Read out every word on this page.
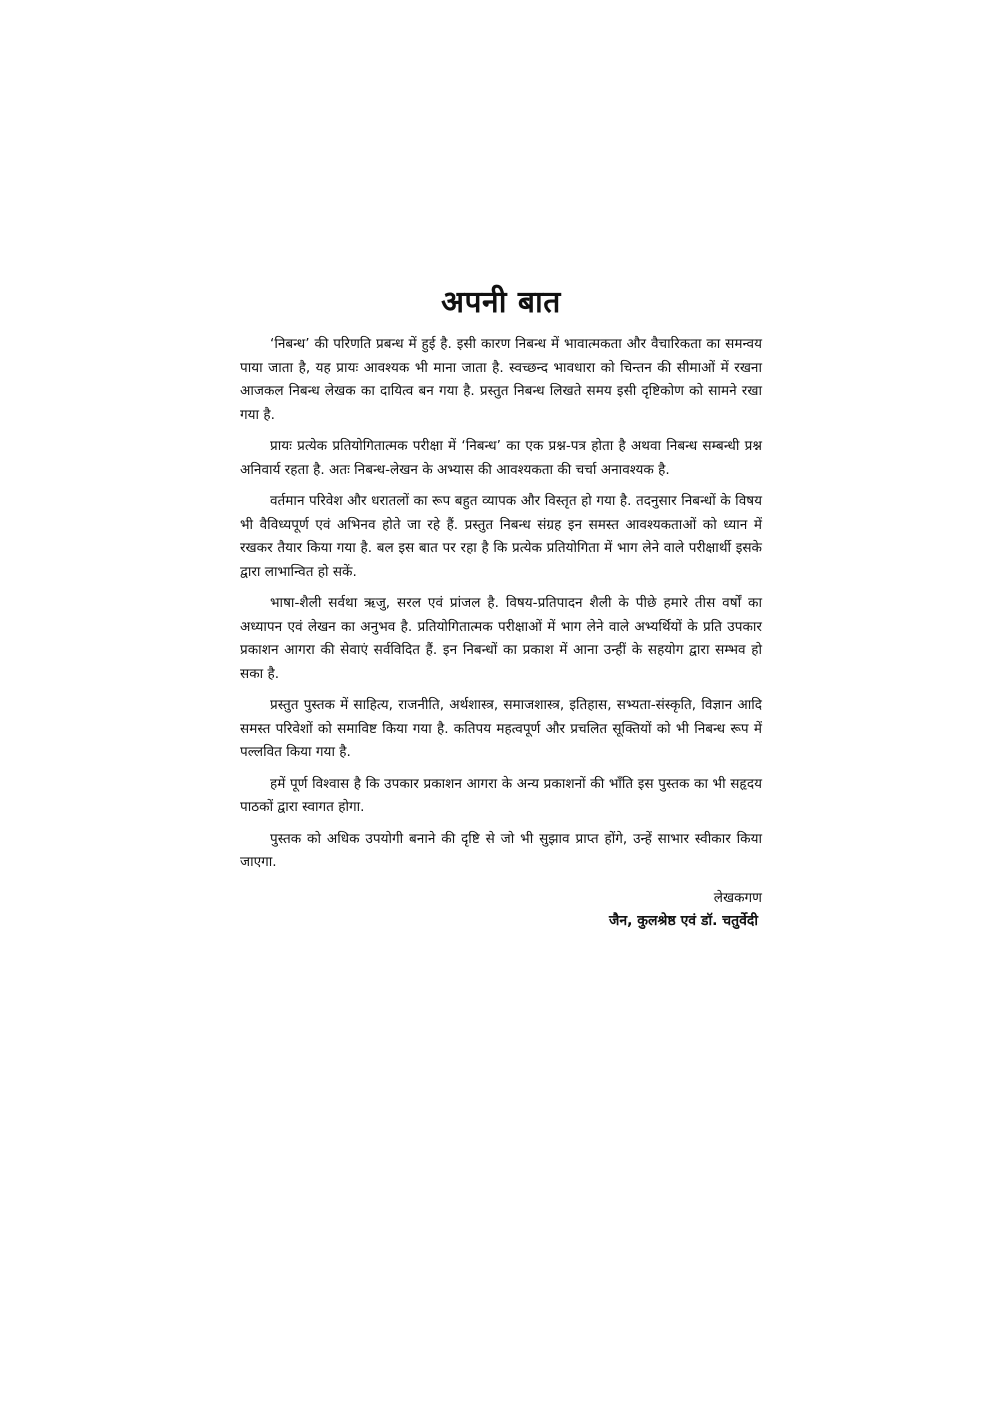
अपनी बात

‘निबन्ध’ की परिणति प्रबन्ध में हुई है. इसी कारण निबन्ध में भावात्मकता और वैचारिकता का समन्वय पाया जाता है, यह प्रायः आवश्यक भी माना जाता है. स्वच्छन्द भावधारा को चिन्तन की सीमाओं में रखना आजकल निबन्ध लेखक का दायित्व बन गया है. प्रस्तुत निबन्ध लिखते समय इसी दृष्टिकोण को सामने रखा गया है.

प्रायः प्रत्येक प्रतियोगितात्मक परीक्षा में ‘निबन्ध’ का एक प्रश्न-पत्र होता है अथवा निबन्ध सम्बन्धी प्रश्न अनिवार्य रहता है. अतः निबन्ध-लेखन के अभ्यास की आवश्यकता की चर्चा अनावश्यक है.

वर्तमान परिवेश और धरातलों का रूप बहुत व्यापक और विस्तृत हो गया है. तदनुसार निबन्धों के विषय भी वैविध्यपूर्ण एवं अभिनव होते जा रहे हैं. प्रस्तुत निबन्ध संग्रह इन समस्त आवश्यकताओं को ध्यान में रखकर तैयार किया गया है. बल इस बात पर रहा है कि प्रत्येक प्रतियोगिता में भाग लेने वाले परीक्षार्थी इसके द्वारा लाभान्वित हो सकें.

भाषा-शैली सर्वथा ऋजु, सरल एवं प्रांजल है. विषय-प्रतिपादन शैली के पीछे हमारे तीस वर्षों का अध्यापन एवं लेखन का अनुभव है. प्रतियोगितात्मक परीक्षाओं में भाग लेने वाले अभ्यर्थियों के प्रति उपकार प्रकाशन आगरा की सेवाएं सर्वविदित हैं. इन निबन्धों का प्रकाश में आना उन्हीं के सहयोग द्वारा सम्भव हो सका है.

प्रस्तुत पुस्तक में साहित्य, राजनीति, अर्थशास्त्र, समाजशास्त्र, इतिहास, सभ्यता-संस्कृति, विज्ञान आदि समस्त परिवेशों को समाविष्ट किया गया है. कतिपय महत्वपूर्ण और प्रचलित सूक्तियों को भी निबन्ध रूप में पल्लवित किया गया है.

हमें पूर्ण विश्वास है कि उपकार प्रकाशन आगरा के अन्य प्रकाशनों की भाँति इस पुस्तक का भी सहृदय पाठकों द्वारा स्वागत होगा.

पुस्तक को अधिक उपयोगी बनाने की दृष्टि से जो भी सुझाव प्राप्त होंगे, उन्हें साभार स्वीकार किया जाएगा.

लेखकगण
जैन, कुलश्रेष्ठ एवं डॉ. चतुर्वेदी
